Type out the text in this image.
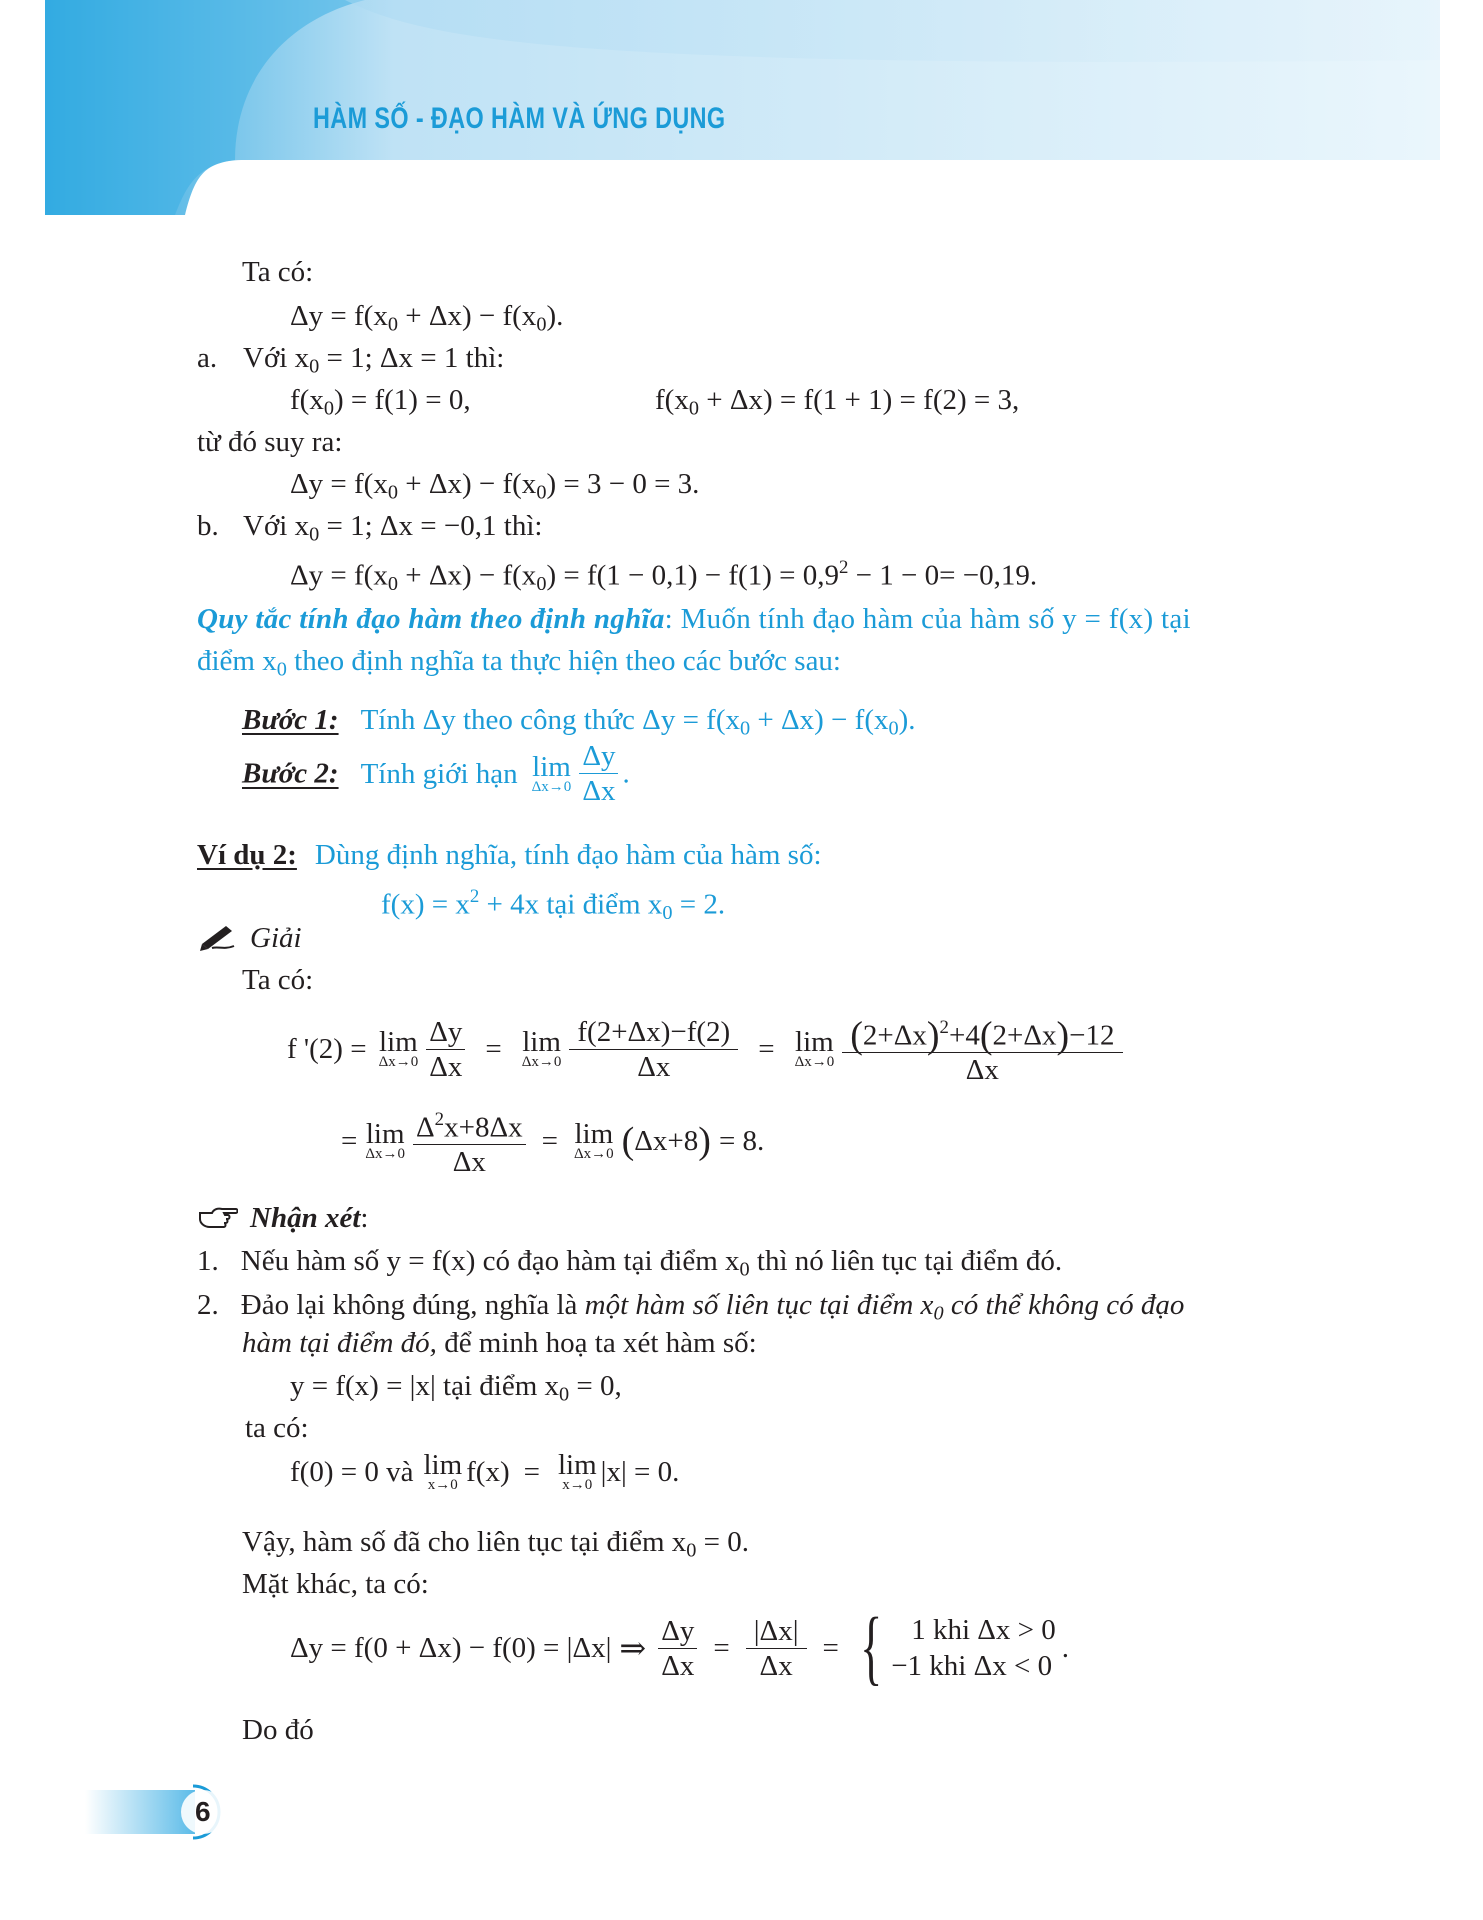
HÀM SỐ - ĐẠO HÀM VÀ ỨNG DỤNG
Ta có:
$\Delta y = f(x_0 + \Delta x) - f(x_0)$.
a. Với $x_0 = 1$; Δx = 1 thì:
$f(x_0) = f(1) = 0$,	$f(x_0 + \Delta x) = f(1 + 1) = f(2) = 3$,
từ đó suy ra:
$\Delta y = f(x_0 + \Delta x) - f(x_0) = 3 - 0 = 3$.
b. Với $x_0 = 1$; Δx = −0,1 thì:
$\Delta y = f(x_0 + \Delta x) - f(x_0) = f(1 - 0,1) - f(1) = 0,9^2 - 1 - 0= -0,19$.
Quy tắc tính đạo hàm theo định nghĩa: Muốn tính đạo hàm của hàm số y = f(x) tại
điểm $x_0$ theo định nghĩa ta thực hiện theo các bước sau:
Bước 1: Tính Δy theo công thức $\Delta y = f(x_0 + \Delta x) - f(x_0)$.
Bước 2: Tính giới hạn lim
$\Delta x\to 0 \frac{\Delta y}{\Delta x}$ .
Ví dụ 2: Dùng định nghĩa, tính đạo hàm của hàm số:
$f(x) = x^2 + 4x$ tại điểm $x_0 = 2$.
Giải
Ta có:
f '(2) = lim
$\Delta x\to 0 \frac{\Delta y}{\Delta x} = \lim$
$\Delta x\to 0 \frac{f(2+\Delta x)-f(2)}{\Delta x} = \lim$
$\Delta x\to 0 \frac{(2+\Delta x)^2+4(2+\Delta x)-12}{\Delta x}$
= lim
$\Delta x\to 0 \frac{\Delta^2x+8\Delta x}{\Delta x} = \lim$
Δx→0 (Δx+8) = 8.
Nhận xét:
1. Nếu hàm số y = f(x) có đạo hàm tại điểm $x_0$ thì nó liên tục tại điểm đó.
2. Đảo lại không đúng, nghĩa là một hàm số liên tục tại điểm $x_0$ có thể không có đạo
hàm tại điểm đó, để minh hoạ ta xét hàm số:
y = f(x) = |x| tại điểm $x_0 = 0$,
ta có:
f(0) = 0 và lim
x→0 f(x) = lim
x→0 |x| = 0.
Vậy, hàm số đã cho liên tục tại điểm $x_0 = 0$.
Mặt khác, ta có:
Δy = f(0 + Δx) − f(0) = |Δx| ⇒ $\frac{\Delta y}{\Delta x} = \frac{|\Delta x|}{\Delta x}$ = {	1 khi Δx > 0
−1 khi Δx < 0
.
Do đó
6
